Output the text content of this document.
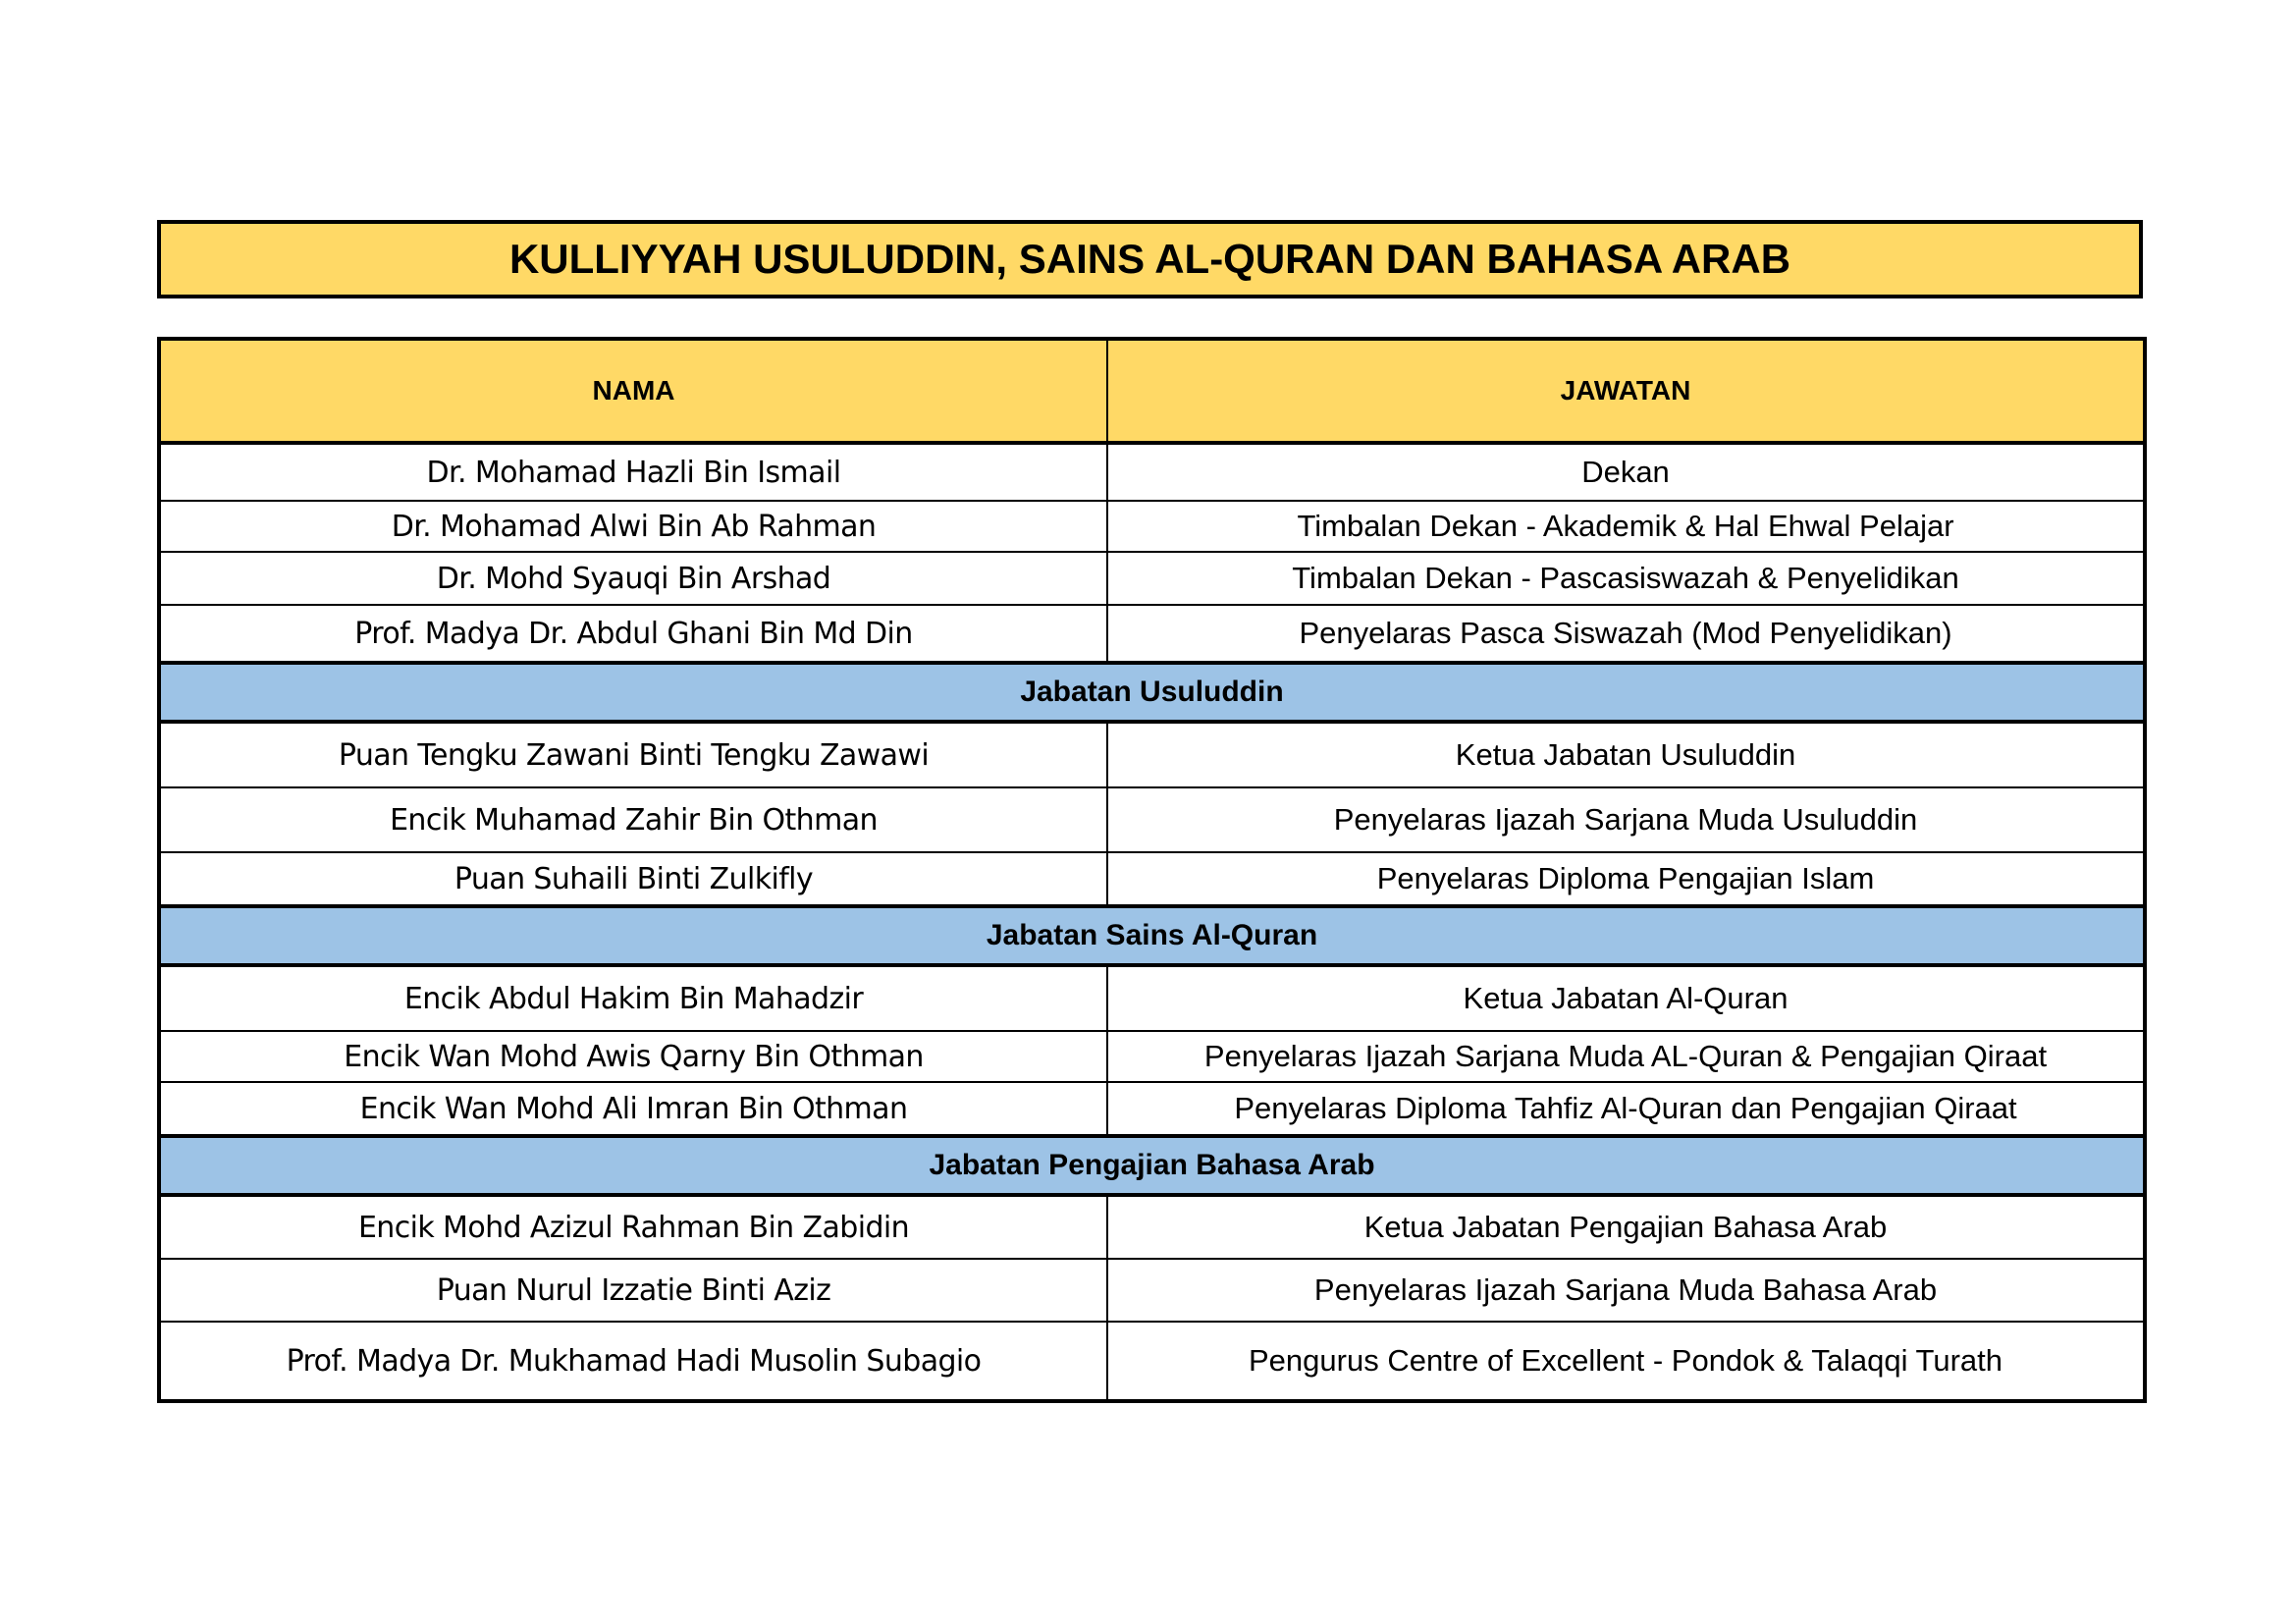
KULLIYYAH USULUDDIN, SAINS AL-QURAN DAN BAHASA ARAB
NAMA	JAWATAN
Dr. Mohamad Hazli Bin Ismail	Dekan
Dr. Mohamad Alwi Bin Ab Rahman	Timbalan Dekan - Akademik & Hal Ehwal Pelajar
Dr. Mohd Syauqi Bin Arshad	Timbalan Dekan - Pascasiswazah & Penyelidikan
Prof. Madya Dr. Abdul Ghani Bin Md Din	Penyelaras Pasca Siswazah (Mod Penyelidikan)
Jabatan Usuluddin	
Puan Tengku Zawani Binti Tengku Zawawi	Ketua Jabatan Usuluddin
Encik Muhamad Zahir Bin Othman	Penyelaras Ijazah Sarjana Muda Usuluddin
Puan Suhaili Binti Zulkifly	Penyelaras Diploma Pengajian Islam
Jabatan Sains Al-Quran	
Encik Abdul Hakim Bin Mahadzir	Ketua Jabatan Al-Quran
Encik Wan Mohd Awis Qarny Bin Othman	Penyelaras Ijazah Sarjana Muda AL-Quran & Pengajian Qiraat
Encik Wan Mohd Ali Imran Bin Othman	Penyelaras Diploma Tahfiz Al-Quran dan Pengajian Qiraat
Jabatan Pengajian Bahasa Arab	
Encik Mohd Azizul Rahman Bin Zabidin	Ketua Jabatan Pengajian Bahasa Arab
Puan Nurul Izzatie Binti Aziz	Penyelaras Ijazah Sarjana Muda Bahasa Arab
Prof. Madya Dr. Mukhamad Hadi Musolin Subagio	Pengurus Centre of Excellent - Pondok & Talaqqi Turath
